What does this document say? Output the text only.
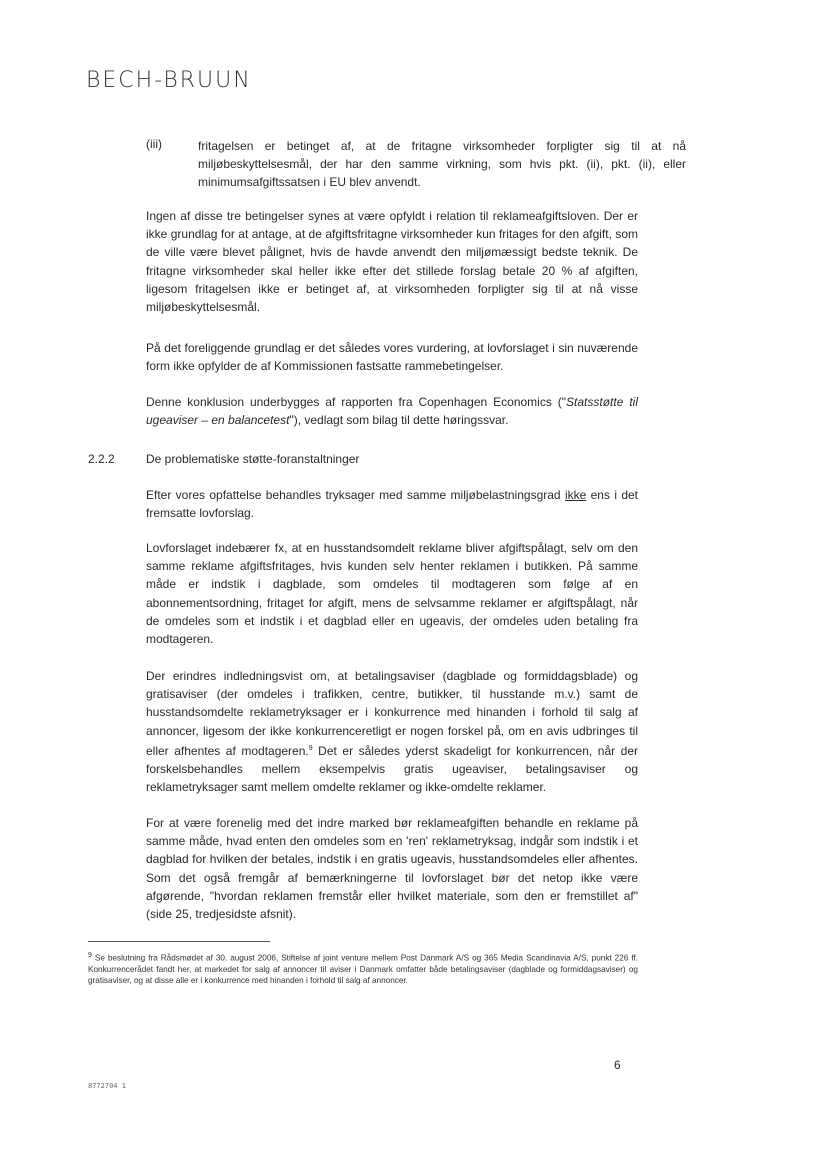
BECH-BRUUN
(iii)	fritagelsen er betinget af, at de fritagne virksomheder forpligter sig til at nå miljøbeskyttelsesmål, der har den samme virkning, som hvis pkt. (ii), pkt. (ii), eller minimumsafgiftssatsen i EU blev anvendt.

Ingen af disse tre betingelser synes at være opfyldt i relation til reklameafgiftsloven. Der er ikke grundlag for at antage, at de afgiftsfritagne virksomheder kun fritages for den afgift, som de ville være blevet pålignet, hvis de havde anvendt den miljømæssigt bedste teknik. De fritagne virksomheder skal heller ikke efter det stillede forslag betale 20 % af afgiften, ligesom fritagelsen ikke er betinget af, at virksomheden forpligter sig til at nå visse miljøbeskyttelsesmål.

På det foreliggende grundlag er det således vores vurdering, at lovforslaget i sin nuværende form ikke opfylder de af Kommissionen fastsatte rammebetingelser.

Denne konklusion underbygges af rapporten fra Copenhagen Economics ("Statsstøtte til ugeaviser – en balancetest"), vedlagt som bilag til dette høringssvar.

2.2.2	De problematiske støtte-foranstaltninger

Efter vores opfattelse behandles tryksager med samme miljøbelastningsgrad ikke ens i det fremsatte lovforslag.

Lovforslaget indebærer fx, at en husstandsomdelt reklame bliver afgiftspålagt, selv om den samme reklame afgiftsfritages, hvis kunden selv henter reklamen i butikken. På samme måde er indstik i dagblade, som omdeles til modtageren som følge af en abonnementsordning, fritaget for afgift, mens de selvsamme reklamer er afgiftspålagt, når de omdeles som et indstik i et dagblad eller en ugeavis, der omdeles uden betaling fra modtageren.

Der erindres indledningsvist om, at betalingsaviser (dagblade og formiddagsblade) og gratisaviser (der omdeles i trafikken, centre, butikker, til husstande m.v.) samt de husstandsomdelte reklametryksager er i konkurrence med hinanden i forhold til salg af annoncer, ligesom der ikke konkurrenceretligt er nogen forskel på, om en avis udbringes til eller afhentes af modtageren.$^9$ Det er således yderst skadeligt for konkurrencen, når der forskelsbehandles mellem eksempelvis gratis ugeaviser, betalingsaviser og reklametryksager samt mellem omdelte reklamer og ikke-omdelte reklamer.

For at være forenelig med det indre marked bør reklameafgiften behandle en reklame på samme måde, hvad enten den omdeles som en 'ren' reklametryksag, indgår som indstik i et dagblad for hvilken der betales, indstik i en gratis ugeavis, husstandsomdeles eller afhentes. Som det også fremgår af bemærkningerne til lovforslaget bør det netop ikke være afgørende, "hvordan reklamen fremstår eller hvilket materiale, som den er fremstillet af" (side 25, tredjesidste afsnit).

$^9$ Se beslutning fra Rådsmødet af 30. august 2006, Stiftelse af joint venture mellem Post Danmark A/S og 365 Media Scandinavia A/S, punkt 226 ff. Konkurrencerådet fandt her, at markedet for salg af annoncer til aviser i Danmark omfatter både betalingsaviser (dagblade og formiddagsaviser) og gratisaviser, og at disse alle er i konkurrence med hinanden i forhold til salg af annoncer.

6
8772704 1
